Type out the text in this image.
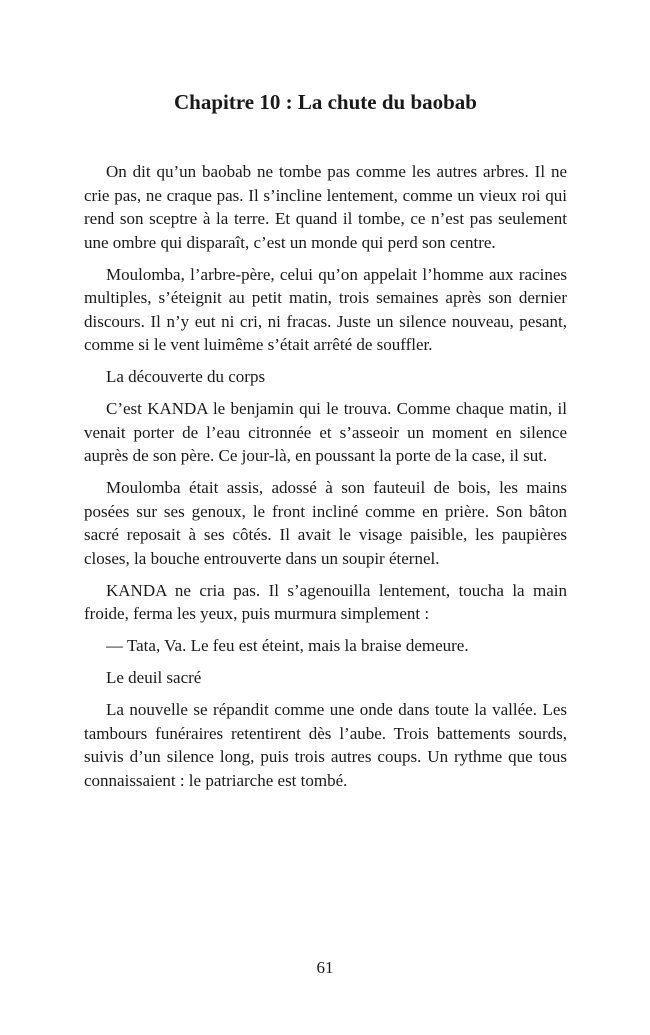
Chapitre 10 : La chute du baobab

On dit qu’un baobab ne tombe pas comme les autres arbres. Il ne crie pas, ne craque pas. Il s’incline lentement, comme un vieux roi qui rend son sceptre à la terre. Et quand il tombe, ce n’est pas seulement une ombre qui disparaît, c’est un monde qui perd son centre.

Moulomba, l’arbre-père, celui qu’on appelait l’homme aux racines multiples, s’éteignit au petit matin, trois semaines après son dernier discours. Il n’y eut ni cri, ni fracas. Juste un silence nouveau, pesant, comme si le vent luimême s’était arrêté de souffler.

La découverte du corps

C’est KANDA le benjamin qui le trouva. Comme chaque matin, il venait porter de l’eau citronnée et s’asseoir un moment en silence auprès de son père. Ce jour-là, en poussant la porte de la case, il sut.

Moulomba était assis, adossé à son fauteuil de bois, les mains posées sur ses genoux, le front incliné comme en prière. Son bâton sacré reposait à ses côtés. Il avait le visage paisible, les paupières closes, la bouche entrouverte dans un soupir éternel.

KANDA ne cria pas. Il s’agenouilla lentement, toucha la main froide, ferma les yeux, puis murmura simplement :

— Tata, Va. Le feu est éteint, mais la braise demeure.

Le deuil sacré

La nouvelle se répandit comme une onde dans toute la vallée. Les tambours funéraires retentirent dès l’aube. Trois battements sourds, suivis d’un silence long, puis trois autres coups. Un rythme que tous connaissaient : le patriarche est tombé.

61
